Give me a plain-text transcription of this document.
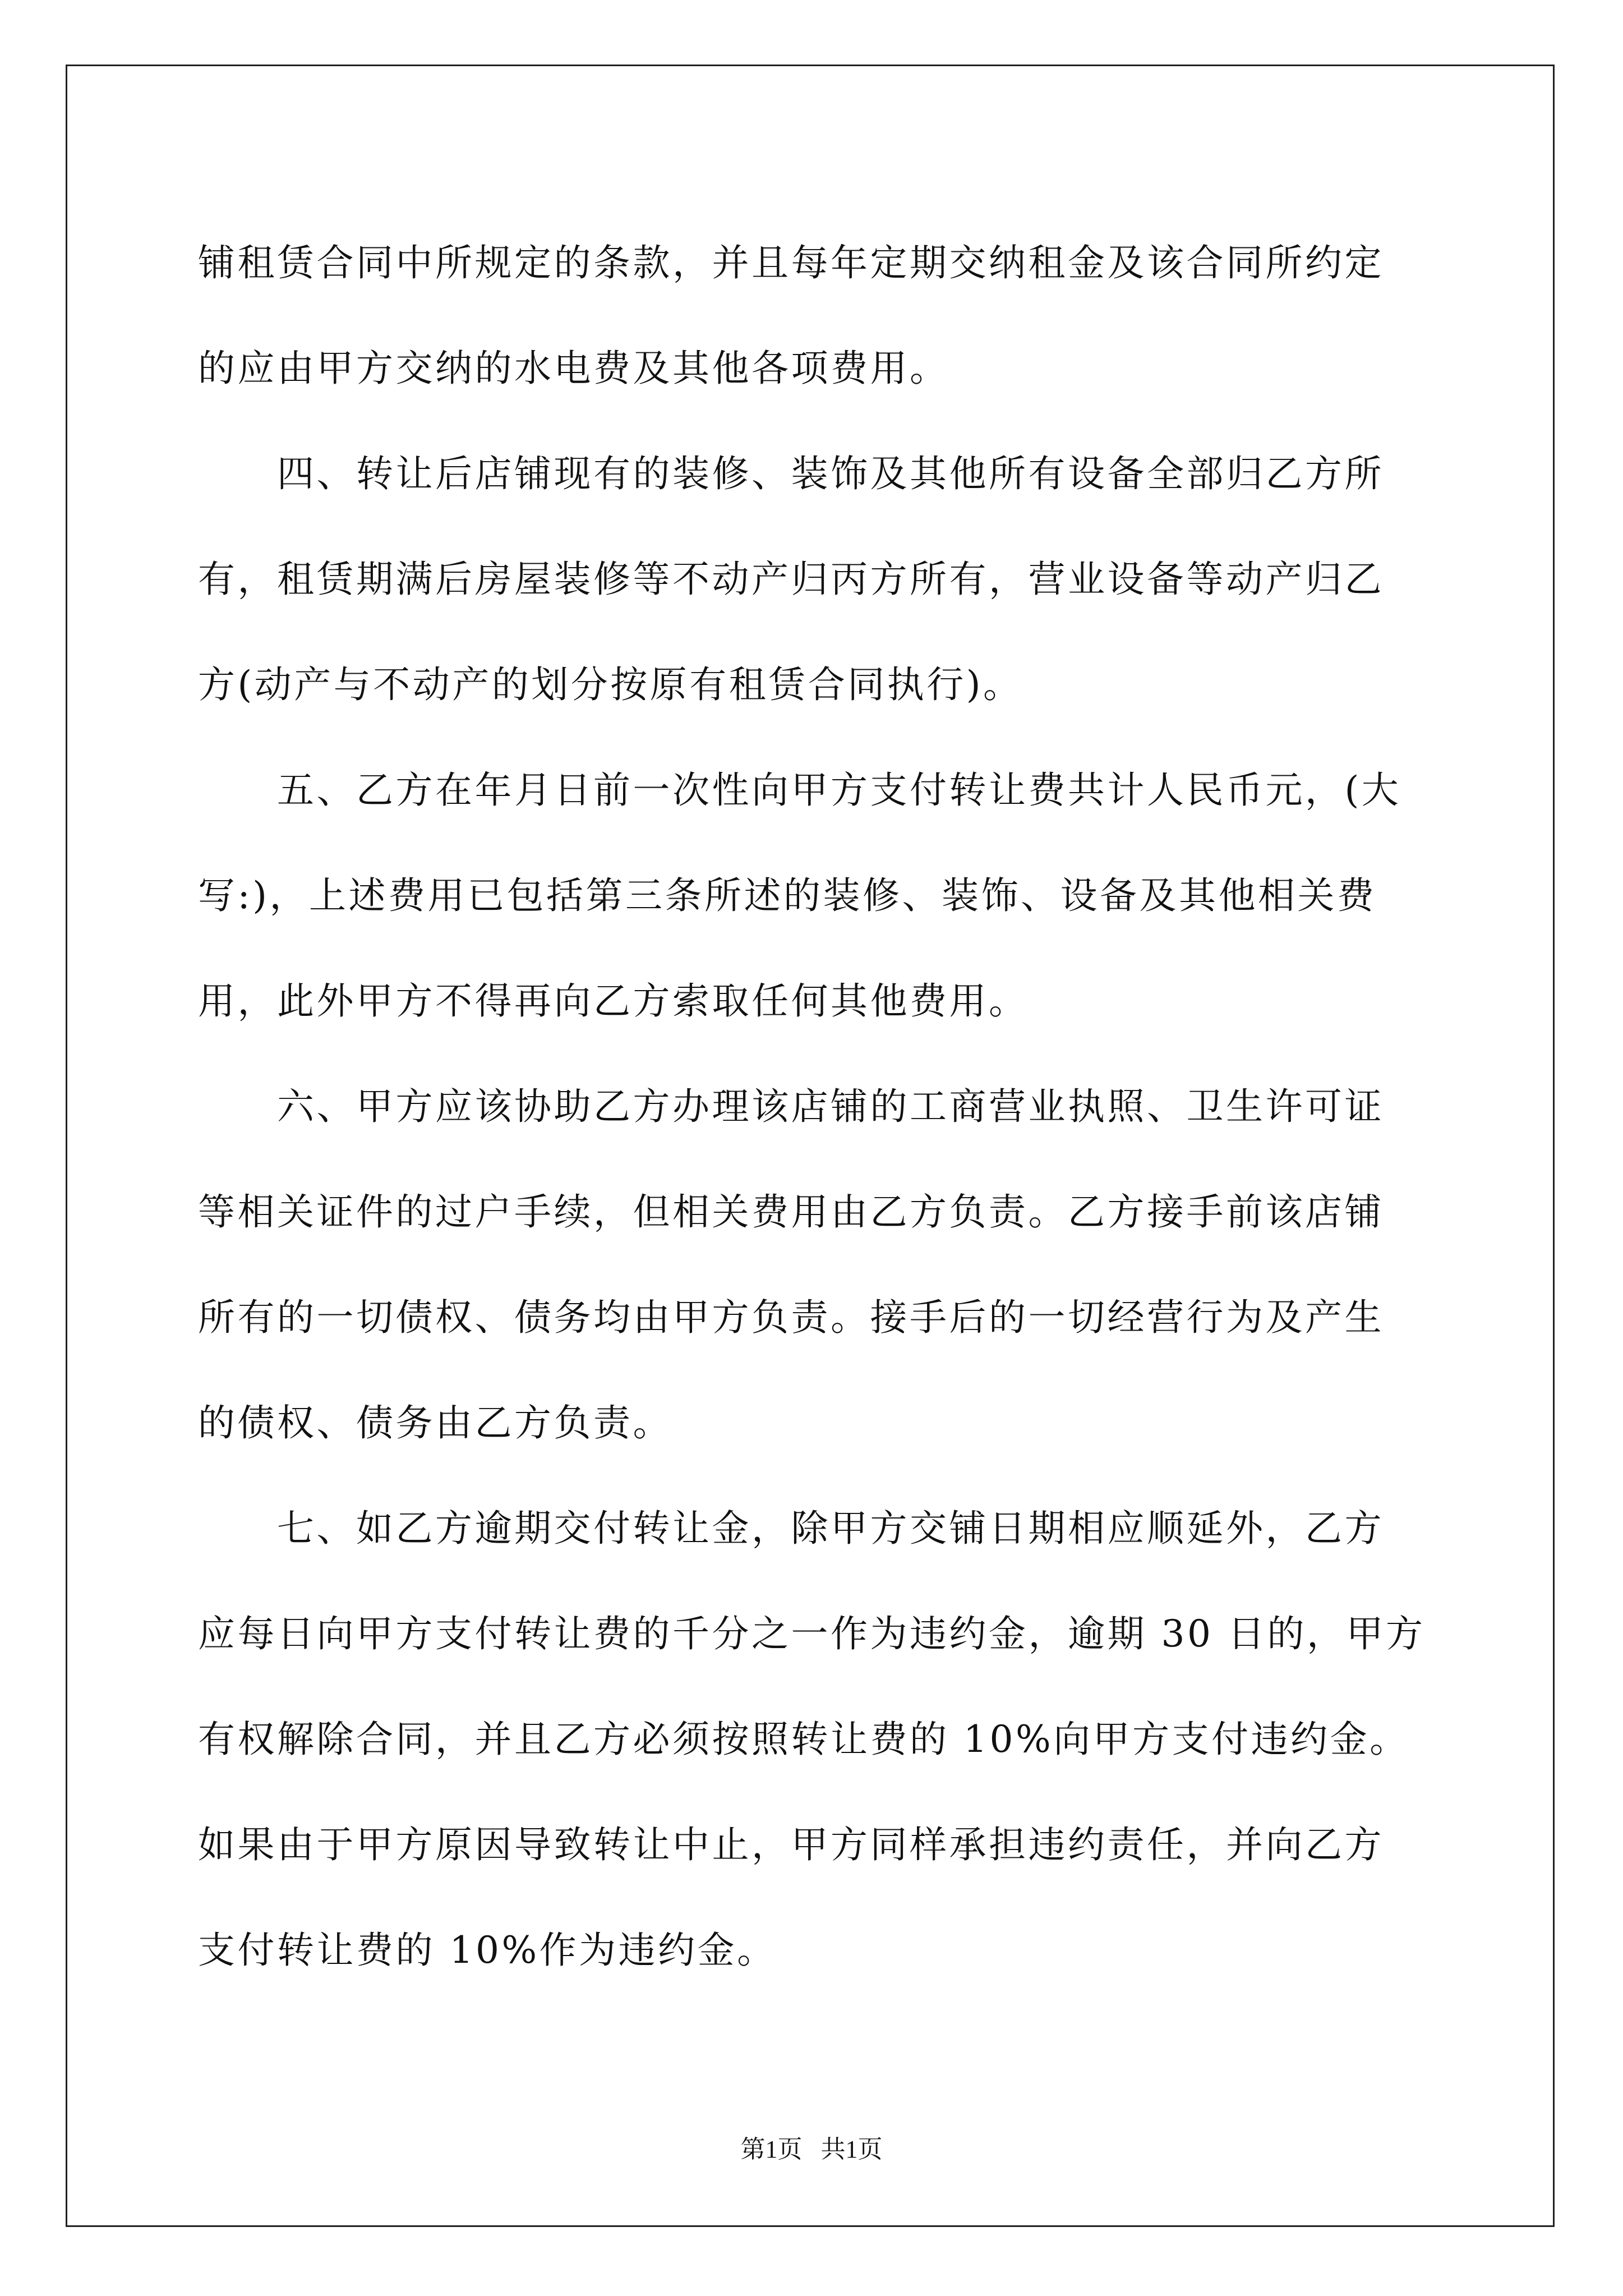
铺租赁合同中所规定的条款，并且每年定期交纳租金及该合同所约定
的应由甲方交纳的水电费及其他各项费用。
　　四、转让后店铺现有的装修、装饰及其他所有设备全部归乙方所
有，租赁期满后房屋装修等不动产归丙方所有，营业设备等动产归乙
方(动产与不动产的划分按原有租赁合同执行)。
　　五、乙方在年月日前一次性向甲方支付转让费共计人民币元，(大
写:)，上述费用已包括第三条所述的装修、装饰、设备及其他相关费
用，此外甲方不得再向乙方索取任何其他费用。
　　六、甲方应该协助乙方办理该店铺的工商营业执照、卫生许可证
等相关证件的过户手续，但相关费用由乙方负责。乙方接手前该店铺
所有的一切债权、债务均由甲方负责。接手后的一切经营行为及产生
的债权、债务由乙方负责。
　　七、如乙方逾期交付转让金，除甲方交铺日期相应顺延外，乙方
应每日向甲方支付转让费的千分之一作为违约金，逾期 30 日的，甲方
有权解除合同，并且乙方必须按照转让费的 10%向甲方支付违约金。
如果由于甲方原因导致转让中止，甲方同样承担违约责任，并向乙方
支付转让费的 10%作为违约金。
第1页   共1页
